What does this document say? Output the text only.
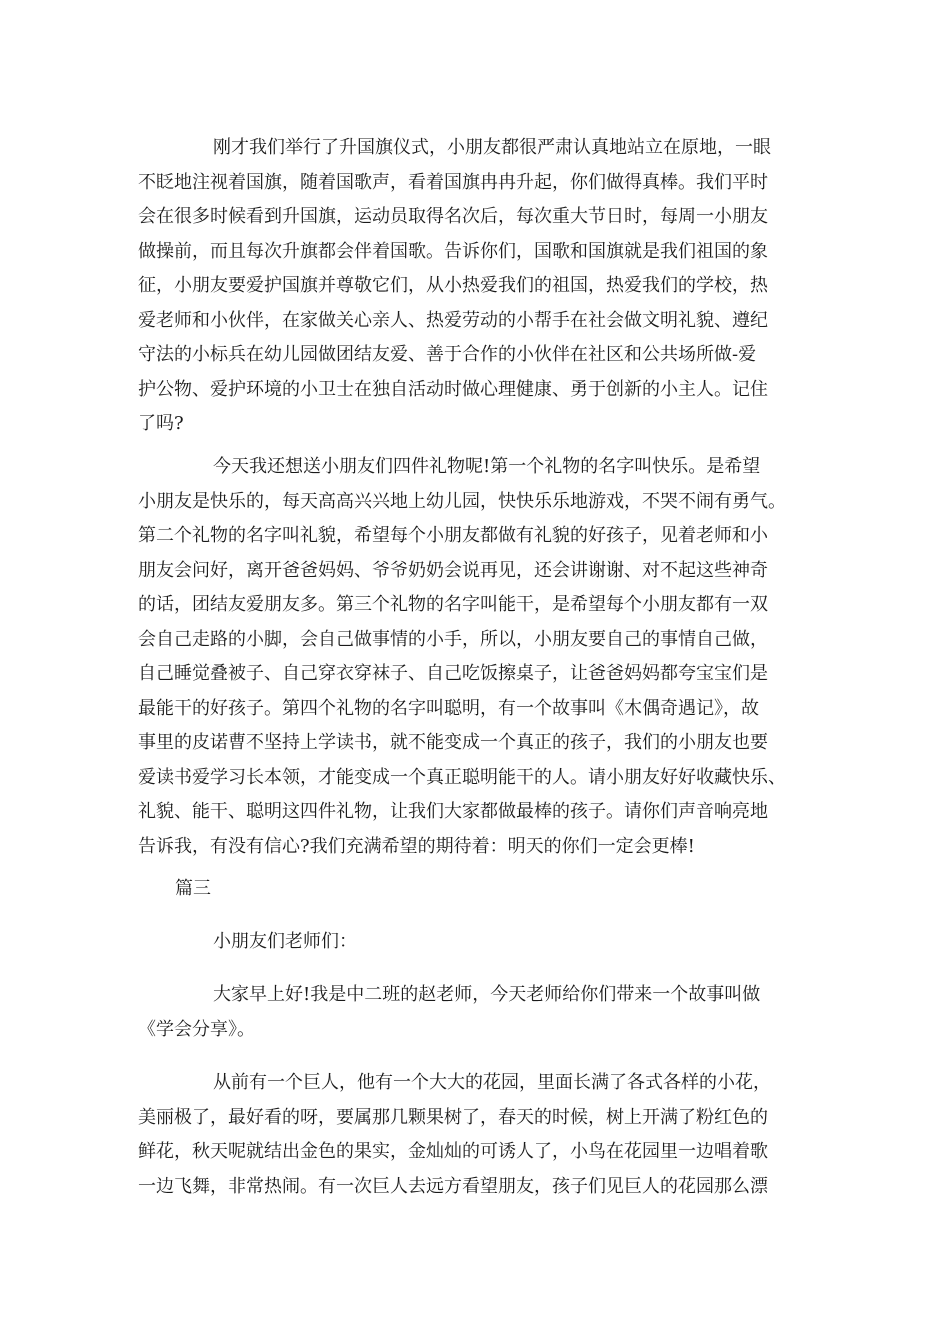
刚才我们举行了升国旗仪式，小朋友都很严肃认真地站立在原地，一眼
不眨地注视着国旗，随着国歌声，看着国旗冉冉升起，你们做得真棒。我们平时
会在很多时候看到升国旗，运动员取得名次后，每次重大节日时，每周一小朋友
做操前，而且每次升旗都会伴着国歌。告诉你们，国歌和国旗就是我们祖国的象
征，小朋友要爱护国旗并尊敬它们，从小热爱我们的祖国，热爱我们的学校，热
爱老师和小伙伴，在家做关心亲人、热爱劳动的小帮手在社会做文明礼貌、遵纪
守法的小标兵在幼儿园做团结友爱、善于合作的小伙伴在社区和公共场所做-爱
护公物、爱护环境的小卫士在独自活动时做心理健康、勇于创新的小主人。记住
了吗?
今天我还想送小朋友们四件礼物呢!第一个礼物的名字叫快乐。是希望
小朋友是快乐的，每天高高兴兴地上幼儿园，快快乐乐地游戏，不哭不闹有勇气。
第二个礼物的名字叫礼貌，希望每个小朋友都做有礼貌的好孩子，见着老师和小
朋友会问好，离开爸爸妈妈、爷爷奶奶会说再见，还会讲谢谢、对不起这些神奇
的话，团结友爱朋友多。第三个礼物的名字叫能干，是希望每个小朋友都有一双
会自己走路的小脚，会自己做事情的小手，所以，小朋友要自己的事情自己做，
自己睡觉叠被子、自己穿衣穿袜子、自己吃饭擦桌子，让爸爸妈妈都夸宝宝们是
最能干的好孩子。第四个礼物的名字叫聪明，有一个故事叫《木偶奇遇记》，故
事里的皮诺曹不坚持上学读书，就不能变成一个真正的孩子，我们的小朋友也要
爱读书爱学习长本领，才能变成一个真正聪明能干的人。请小朋友好好收藏快乐、
礼貌、能干、聪明这四件礼物，让我们大家都做最棒的孩子。请你们声音响亮地
告诉我，有没有信心?我们充满希望的期待着：明天的你们一定会更棒!
篇三
小朋友们老师们：
大家早上好!我是中二班的赵老师，今天老师给你们带来一个故事叫做
《学会分享》。
从前有一个巨人，他有一个大大的花园，里面长满了各式各样的小花，
美丽极了，最好看的呀，要属那几颗果树了，春天的时候，树上开满了粉红色的
鲜花，秋天呢就结出金色的果实，金灿灿的可诱人了，小鸟在花园里一边唱着歌
一边飞舞，非常热闹。有一次巨人去远方看望朋友，孩子们见巨人的花园那么漂
